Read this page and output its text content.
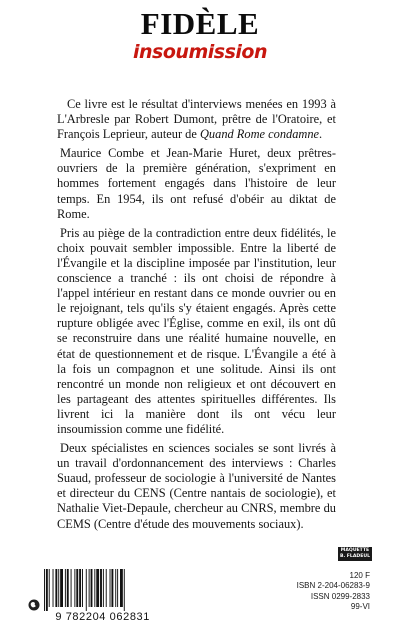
FIDÈLE
insoumission

Ce livre est le résultat d'interviews menées en 1993 à L'Arbresle par Robert Dumont, prêtre de l'Oratoire, et François Leprieur, auteur de Quand Rome condamne.

Maurice Combe et Jean-Marie Huret, deux prêtres-ouvriers de la première génération, s'expriment en hommes fortement engagés dans l'histoire de leur temps. En 1954, ils ont refusé d'obéir au diktat de Rome.

Pris au piège de la contradiction entre deux fidélités, le choix pouvait sembler impossible. Entre la liberté de l'Évangile et la discipline imposée par l'institution, leur conscience a tranché : ils ont choisi de répondre à l'appel intérieur en restant dans ce monde ouvrier ou en le rejoignant, tels qu'ils s'y étaient engagés. Après cette rupture obligée avec l'Église, comme en exil, ils ont dû se reconstruire dans une réalité humaine nouvelle, en état de questionnement et de risque. L'Évangile a été à la fois un compagnon et une solitude. Ainsi ils ont rencontré un monde non religieux et ont découvert en les partageant des attentes spirituelles différentes. Ils livrent ici la manière dont ils ont vécu leur insoumission comme une fidélité.

Deux spécialistes en sciences sociales se sont livrés à un travail d'ordonnancement des interviews : Charles Suaud, professeur de sociologie à l'université de Nantes et directeur du CENS (Centre nantais de sociologie), et Nathalie Viet-Depaule, chercheur au CNRS, membre du CEMS (Centre d'étude des mouvements sociaux).

MAQUETTE
B. FLADEUL
120 F
ISBN 2-204-06283-9
ISSN 0299-2833
99-VI
9 782204 062831
